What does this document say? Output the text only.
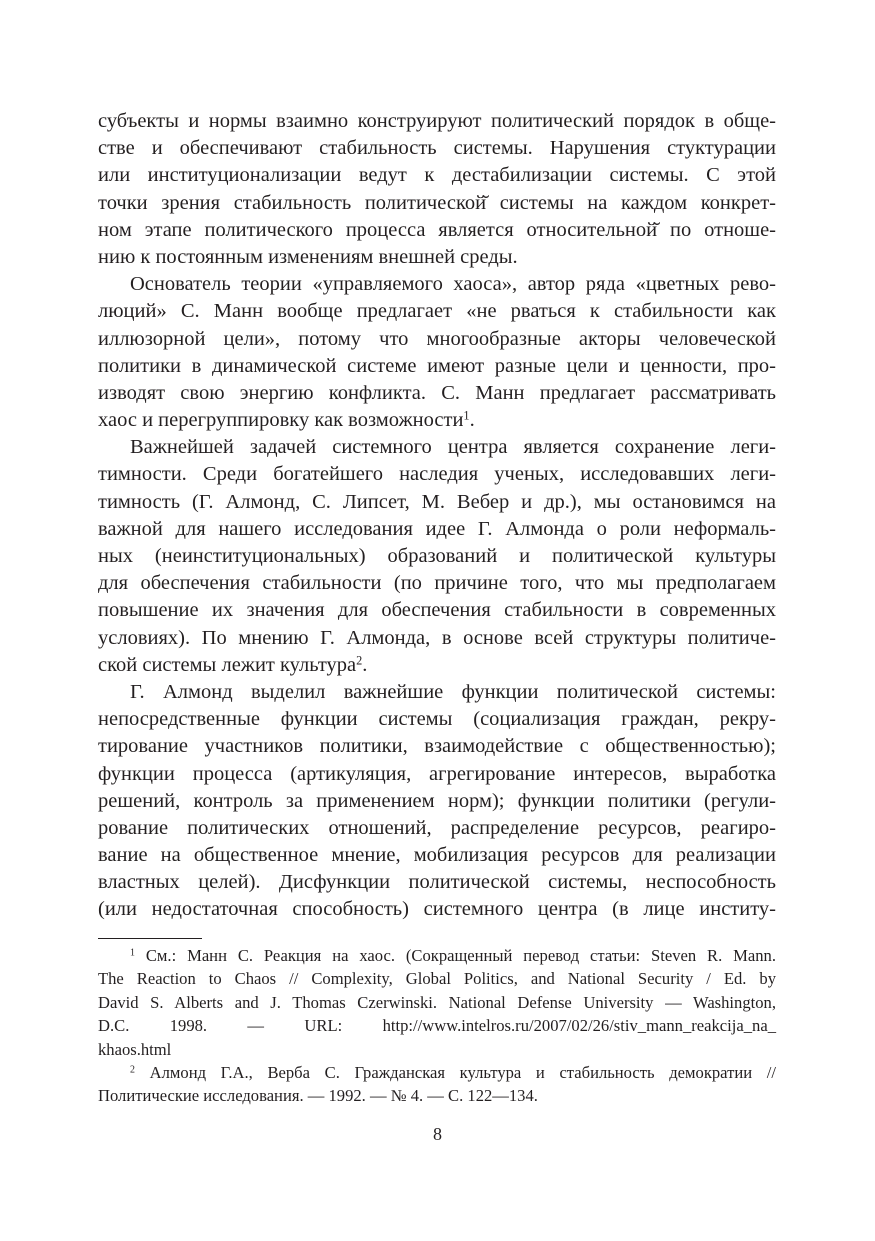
субъекты и нормы взаимно конструируют политический порядок в обще-
стве и обеспечивают стабильность системы. Нарушения стуктурации
или институционализации ведут к дестабилизации системы. С этой
точки зрения стабильность политической̆ системы на каждом конкрет-
ном этапе политического процесса является относительной̆ по отноше-
нию к постоянным изменениям внешней среды.
Основатель теории «управляемого хаоса», автор ряда «цветных рево-
люций» С. Манн вообще предлагает «не рваться к стабильности как
иллюзорной цели», потому что многообразные акторы человеческой
политики в динамической системе имеют разные цели и ценности, про-
изводят свою энергию конфликта. С. Манн предлагает рассматривать
хаос и перегруппировку как возможности$^1$.
Важнейшей задачей системного центра является сохранение леги-
тимности. Среди богатейшего наследия ученых, исследовавших леги-
тимность (Г. Алмонд, С. Липсет, М. Вебер и др.), мы остановимся на
важной для нашего исследования идее Г. Алмонда о роли неформаль-
ных (неинституциональных) образований и политической культуры
для обеспечения стабильности (по причине того, что мы предполагаем
повышение их значения для обеспечения стабильности в современных
условиях). По мнению Г. Алмонда, в основе всей структуры политиче-
ской системы лежит культура$^2$.
Г. Алмонд выделил важнейшие функции политической системы:
непосредственные функции системы (социализация граждан, рекру-
тирование участников политики, взаимодействие с общественностью);
функции процесса (артикуляция, агрегирование интересов, выработка
решений, контроль за применением норм); функции политики (регули-
рование политических отношений, распределение ресурсов, реагиро-
вание на общественное мнение, мобилизация ресурсов для реализации
властных целей). Дисфункции политической системы, неспособность
(или недостаточная способность) системного центра (в лице институ-
$^1$ См.: Манн С. Реакция на хаос. (Сокращенный перевод статьи: Steven R. Mann.
The Reaction to Chaos // Complexity, Global Politics, and National Security / Ed. by
David S. Alberts and J. Thomas Czerwinski. National Defense University — Washington,
D.C. 1998. — URL: http://www.intelros.ru/2007/02/26/stiv_mann_reakcija_na_
khaos.html
$^2$ Алмонд Г.А., Верба С. Гражданская культура и стабильность демократии //
Политические исследования. — 1992. — № 4. — С. 122—134.
8
